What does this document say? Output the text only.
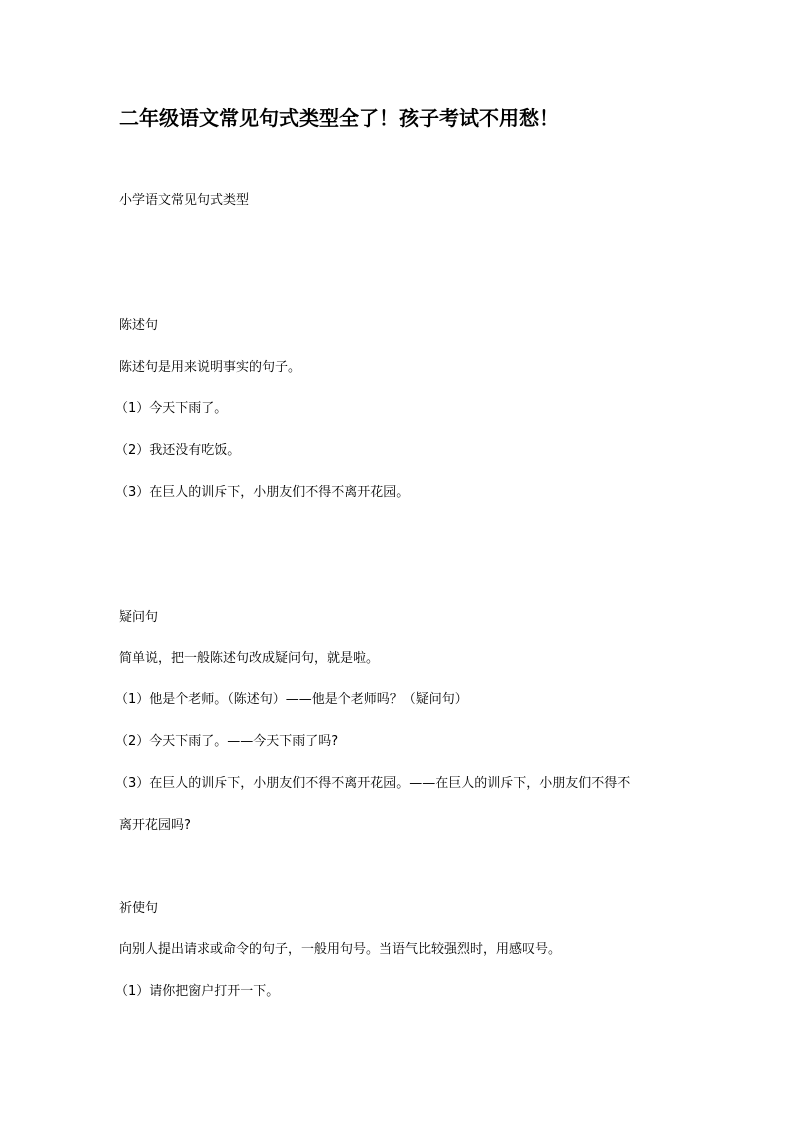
二年级语文常见句式类型全了！孩子考试不用愁！

小学语文常见句式类型

陈述句

陈述句是用来说明事实的句子。

（1）今天下雨了。

（2）我还没有吃饭。

（3）在巨人的训斥下，小朋友们不得不离开花园。

疑问句

简单说，把一般陈述句改成疑问句，就是啦。

（1）他是个老师。（陈述句）——他是个老师吗？（疑问句）

（2）今天下雨了。——今天下雨了吗?

（3）在巨人的训斥下，小朋友们不得不离开花园。——在巨人的训斥下，小朋友们不得不

离开花园吗?

祈使句

向别人提出请求或命令的句子，一般用句号。当语气比较强烈时，用感叹号。

（1）请你把窗户打开一下。
